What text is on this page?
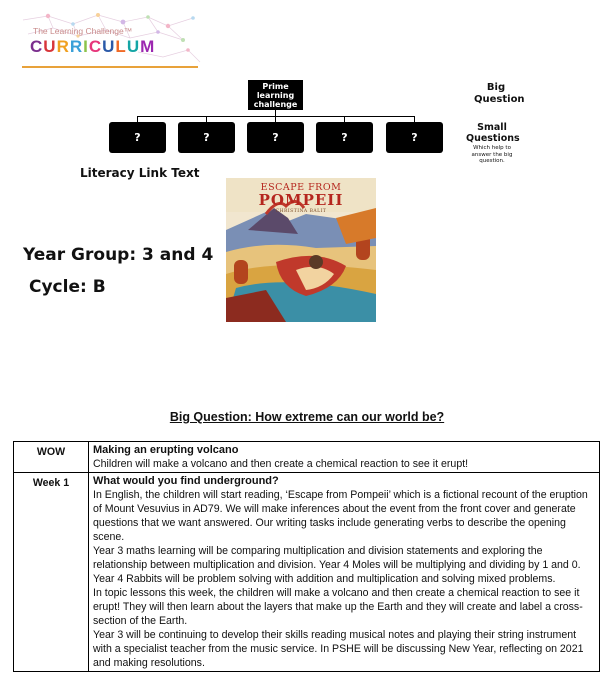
The Learning Challenge™
CURRICULUM
Prime learning challenge
?	?	?	?	?
Big Question
Small Questions
Which help to answer the big question.
Literacy Link Text
ESCAPE FROM
POMPEII
CHRISTINA BALIT
Year Group: 3 and 4
Cycle: B
Big Question: How extreme can our world be?
WOW	Making an erupting volcano
Children will make a volcano and then create a chemical reaction to see it erupt!

Week 1	What would you find underground?
In English, the children will start reading, ‘Escape from Pompeii’ which is a fictional recount of the eruption of Mount Vesuvius in AD79. We will make inferences about the event from the front cover and generate questions that we want answered. Our writing tasks include generating verbs to describe the opening scene.
Year 3 maths learning will be comparing multiplication and division statements and exploring the relationship between multiplication and division. Year 4 Moles will be multiplying and dividing by 1 and 0. Year 4 Rabbits will be problem solving with addition and multiplication and solving mixed problems.
In topic lessons this week, the children will make a volcano and then create a chemical reaction to see it erupt! They will then learn about the layers that make up the Earth and they will create and label a cross-section of the Earth.
Year 3 will be continuing to develop their skills reading musical notes and playing their string instrument with a specialist teacher from the music service. In PSHE will be discussing New Year, reflecting on 2021 and making resolutions.
